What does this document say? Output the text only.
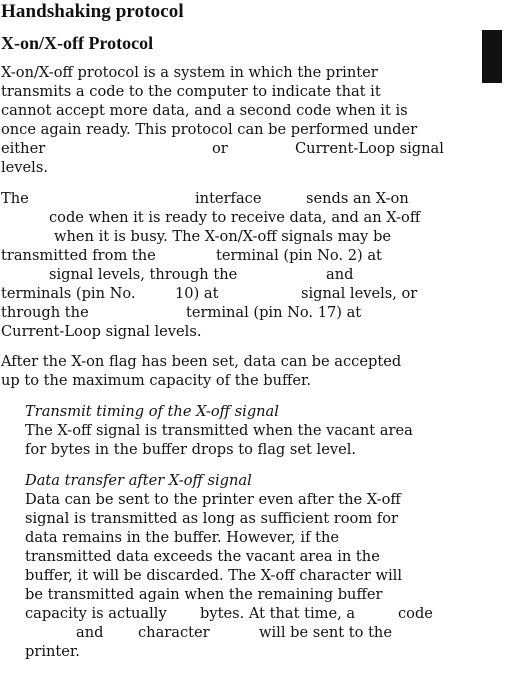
Handshaking protocol
X-on/X-off Protocol
X-on/X-off protocol is a system in which the printer
transmits a code to the computer to indicate that it
cannot accept more data, and a second code when it is
once again ready. This protocol can be performed under
either	or	Current-Loop signal
levels.
The	interface	sends an X-on
code when it is ready to receive data, and an X-off
when it is busy. The X-on/X-off signals may be
transmitted from the	terminal (pin No. 2) at
signal levels, through the	and
terminals (pin No.	10) at	signal levels, or
through the	terminal (pin No. 17) at
Current-Loop signal levels.
After the X-on flag has been set, data can be accepted
up to the maximum capacity of the buffer.
Transmit timing of the X-off signal
The X-off signal is transmitted when the vacant area
for bytes in the buffer drops to flag set level.
Data transfer after X-off signal
Data can be sent to the printer even after the X-off
signal is transmitted as long as sufficient room for
data remains in the buffer. However, if the
transmitted data exceeds the vacant area in the
buffer, it will be discarded. The X-off character will
be transmitted again when the remaining buffer
capacity is actually bytes. At that time, a	code
and character	will be sent to the
printer.
